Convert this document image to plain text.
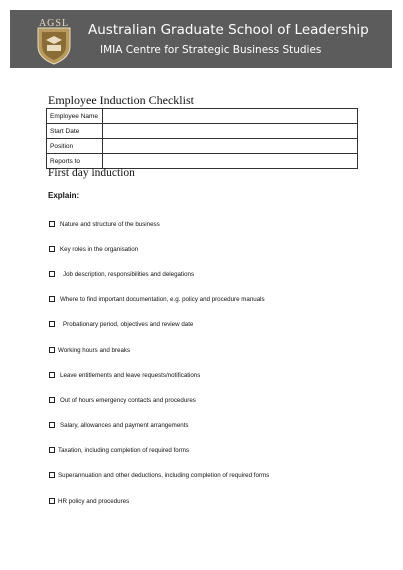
AGSL	Australian Graduate School of Leadership
IMIA Centre for Strategic Business Studies
Employee Induction Checklist
Employee Name	
Start Date	
Position	
Reports to	
First day induction
Explain:
Nature and structure of the business
Key roles in the organisation
Job description, responsibilities and delegations
Where to find important documentation, e.g. policy and procedure manuals
Probationary period, objectives and review date
Working hours and breaks
Leave entitlements and leave requests/notifications
Out of hours emergency contacts and procedures
Salary, allowances and payment arrangements
Taxation, including completion of required forms
Superannuation and other deductions, including completion of required forms
HR policy and procedures
